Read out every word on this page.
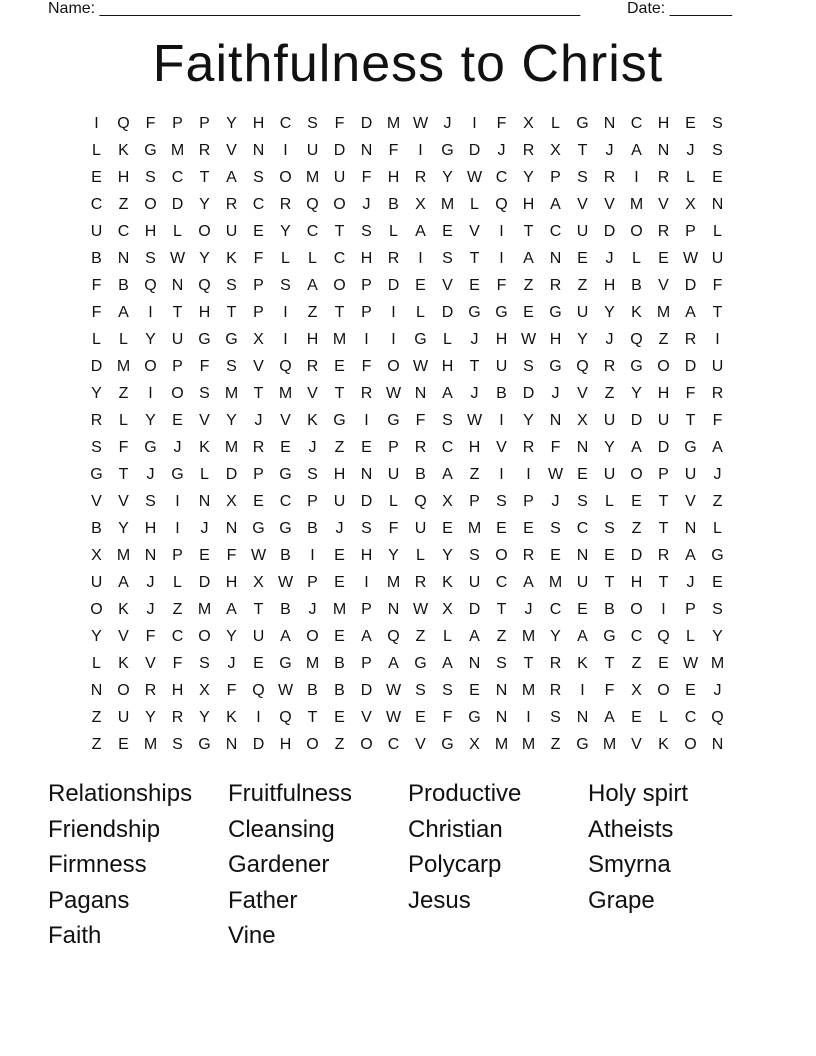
Name: ______________________________________________________	Date: _______
Faithfulness to Christ
I	Q F	P	P	Y H C S	F	D M W J	I	F	X	L	G N C H E	S
L	K G M R V N	I	U D N	F	I	G D	J	R X	T	J	A N	J	S
E H S C	T	A	S O M U	F	H R Y W C Y	P	S R	I	R	L	E
C	Z O D Y R C R Q O	J	B	X M L	Q H A	V	V M V	X N
U C H	L	O U E	Y C	T	S	L	A	E	V	I	T	C U D O R P	L
B N S W Y	K	F	L	L	C H R	I	S	T	I	A N E	J	L	E W U
F	B Q N Q S	P	S	A O P D E	V	E	F	Z	R	Z	H B	V D	F
F	A	I	T	H	T	P	I	Z	T	P	I	L	D G G E G U Y	K M A	T
L	L	Y U G G X	I	H M	I	I	G	L	J	H W H Y	J	Q Z	R	I
D M O P	F	S	V Q R E	F O W H	T	U S G Q R G O D U
Y	Z	I	O S M T M V	T	R W N A	J	B D	J	V	Z	Y H	F	R
R	L	Y	E	V	Y	J	V	K G	I	G F	S W	I	Y N X U D U	T	F
S	F G	J	K M R E	J	Z	E	P R C H V R	F	N Y	A D G A
G T	J	G	L	D P G S H N U B	A	Z	I	I	W E U O P U	J
V	V	S	I	N X	E C P U D	L	Q X	P	S	P	J	S	L	E	T	V	Z
B	Y H	I	J	N G G B	J	S	F	U E M E	E	S C S	Z	T	N	L
X M N P	E	F W B	I	E H Y	L	Y	S O R E N E D R A G
U A	J	L	D H X W P	E	I	M R K U C A M U	T	H	T	J	E
O K	J	Z M A	T	B	J	M P N W X D	T	J	C E	B O	I	P	S
Y	V	F	C O Y U A O E	A Q Z	L	A	Z M Y	A G C Q	L	Y
L	K	V	F	S	J	E G M B	P	A G A N S	T	R K	T	Z	E W M
N O R H X	F Q W B	B D W S	S	E N M R	I	F	X O E	J
Z	U Y R Y	K	I	Q T	E	V W E	F G N	I	S N A	E	L	C Q
Z	E M S G N D H O Z O C V G X M M Z G M V	K O N
Relationships	Fruitfulness	Productive	Holy spirt
Friendship	Cleansing	Christian	Atheists
Firmness	Gardener	Polycarp	Smyrna
Pagans	Father	Jesus	Grape
Faith	Vine
